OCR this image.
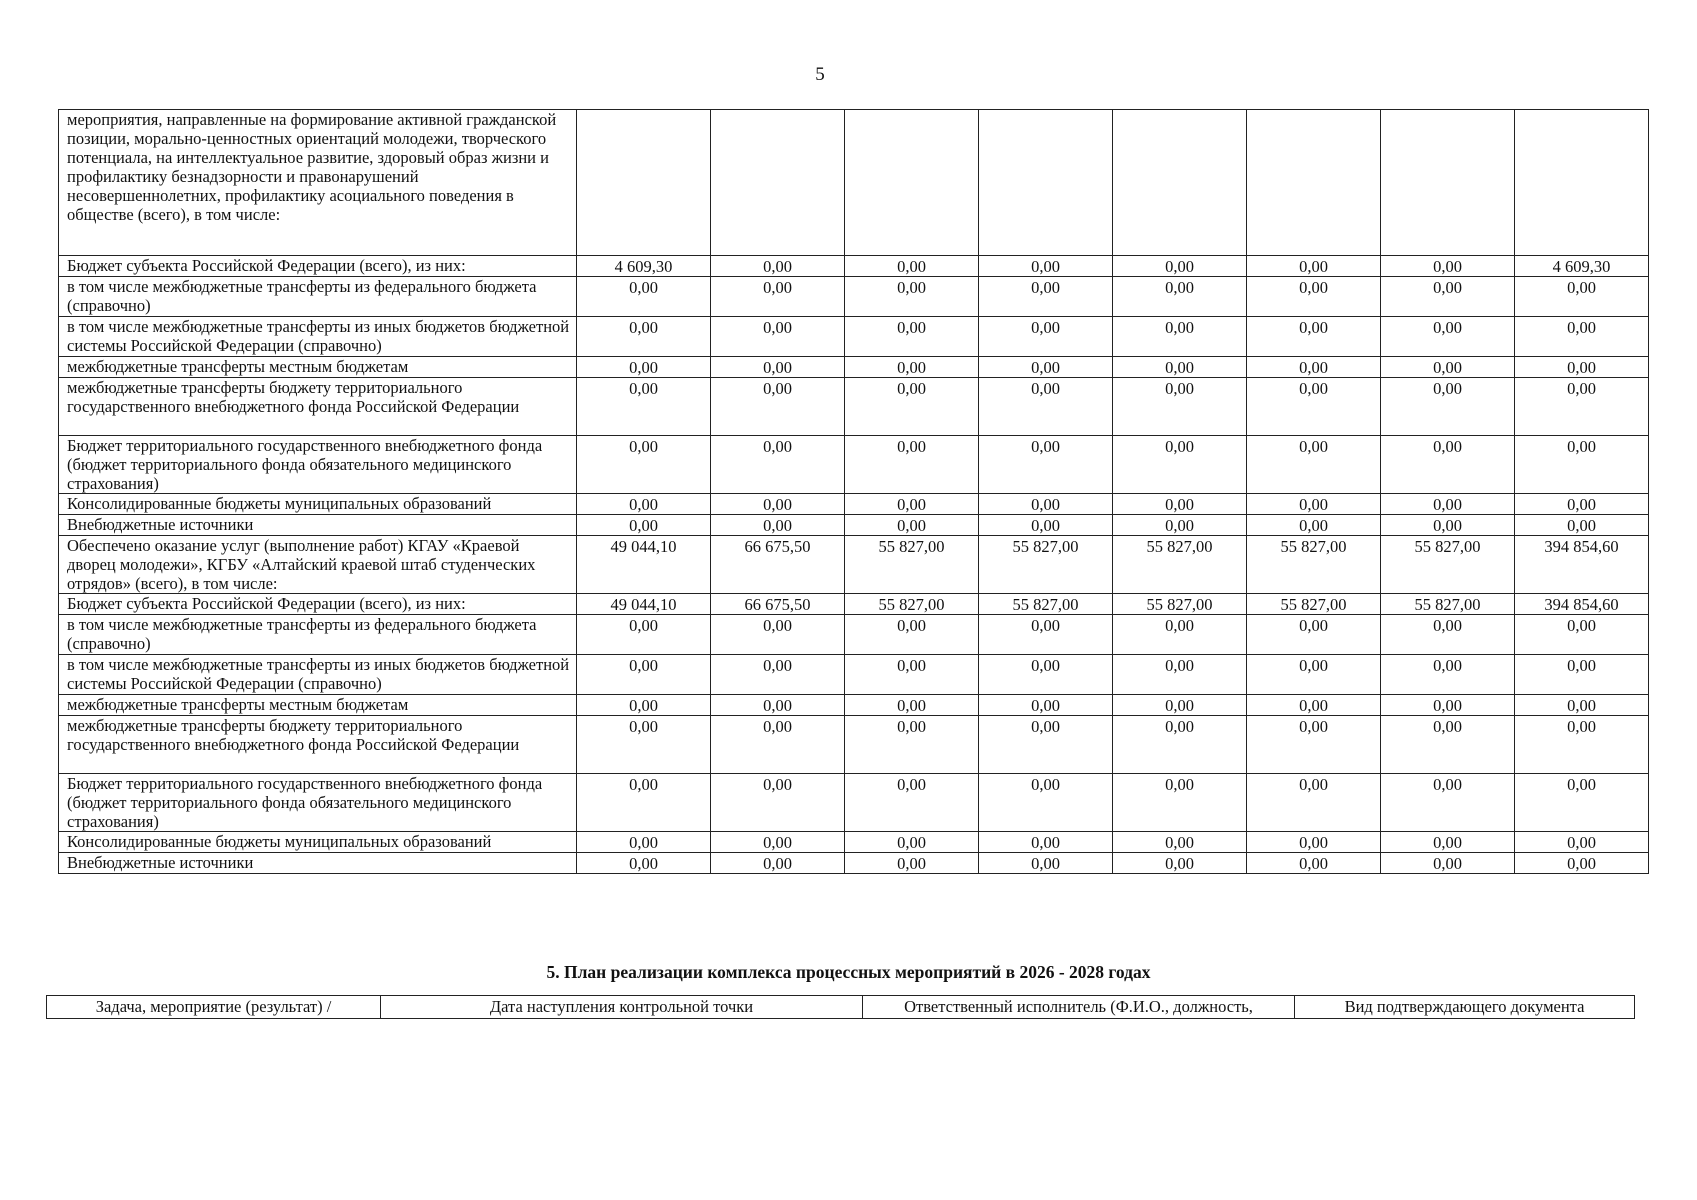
5
мероприятия, направленные на формирование активной гражданской позиции, морально-ценностных ориентаций молодежи, творческого потенциала, на интеллектуальное развитие, здоровый образ жизни и профилактику безнадзорности и правонарушений несовершеннолетних, профилактику асоциального поведения в обществе (всего), в том числе:								
Бюджет субъекта Российской Федерации (всего), из них:	4 609,30	0,00	0,00	0,00	0,00	0,00	0,00	4 609,30
в том числе межбюджетные трансферты из федерального бюджета (справочно)	0,00	0,00	0,00	0,00	0,00	0,00	0,00	0,00
в том числе межбюджетные трансферты из иных бюджетов бюджетной системы Российской Федерации (справочно)	0,00	0,00	0,00	0,00	0,00	0,00	0,00	0,00
межбюджетные трансферты местным бюджетам	0,00	0,00	0,00	0,00	0,00	0,00	0,00	0,00
межбюджетные трансферты бюджету территориального государственного внебюджетного фонда Российской Федерации	0,00	0,00	0,00	0,00	0,00	0,00	0,00	0,00
Бюджет территориального государственного внебюджетного фонда (бюджет территориального фонда обязательного медицинского страхования)	0,00	0,00	0,00	0,00	0,00	0,00	0,00	0,00
Консолидированные бюджеты муниципальных образований	0,00	0,00	0,00	0,00	0,00	0,00	0,00	0,00
Внебюджетные источники	0,00	0,00	0,00	0,00	0,00	0,00	0,00	0,00
Обеспечено оказание услуг (выполнение работ) КГАУ «Краевой дворец молодежи», КГБУ «Алтайский краевой штаб студенческих отрядов» (всего), в том числе:	49 044,10	66 675,50	55 827,00	55 827,00	55 827,00	55 827,00	55 827,00	394 854,60
Бюджет субъекта Российской Федерации (всего), из них:	49 044,10	66 675,50	55 827,00	55 827,00	55 827,00	55 827,00	55 827,00	394 854,60
в том числе межбюджетные трансферты из федерального бюджета (справочно)	0,00	0,00	0,00	0,00	0,00	0,00	0,00	0,00
в том числе межбюджетные трансферты из иных бюджетов бюджетной системы Российской Федерации (справочно)	0,00	0,00	0,00	0,00	0,00	0,00	0,00	0,00
межбюджетные трансферты местным бюджетам	0,00	0,00	0,00	0,00	0,00	0,00	0,00	0,00
межбюджетные трансферты бюджету территориального государственного внебюджетного фонда Российской Федерации	0,00	0,00	0,00	0,00	0,00	0,00	0,00	0,00
Бюджет территориального государственного внебюджетного фонда (бюджет территориального фонда обязательного медицинского страхования)	0,00	0,00	0,00	0,00	0,00	0,00	0,00	0,00
Консолидированные бюджеты муниципальных образований	0,00	0,00	0,00	0,00	0,00	0,00	0,00	0,00
Внебюджетные источники	0,00	0,00	0,00	0,00	0,00	0,00	0,00	0,00
5. План реализации комплекса процессных мероприятий в 2026 - 2028 годах
Задача, мероприятие (результат) /	Дата наступления контрольной точки	Ответственный исполнитель (Ф.И.О., должность,	Вид подтверждающего документа
